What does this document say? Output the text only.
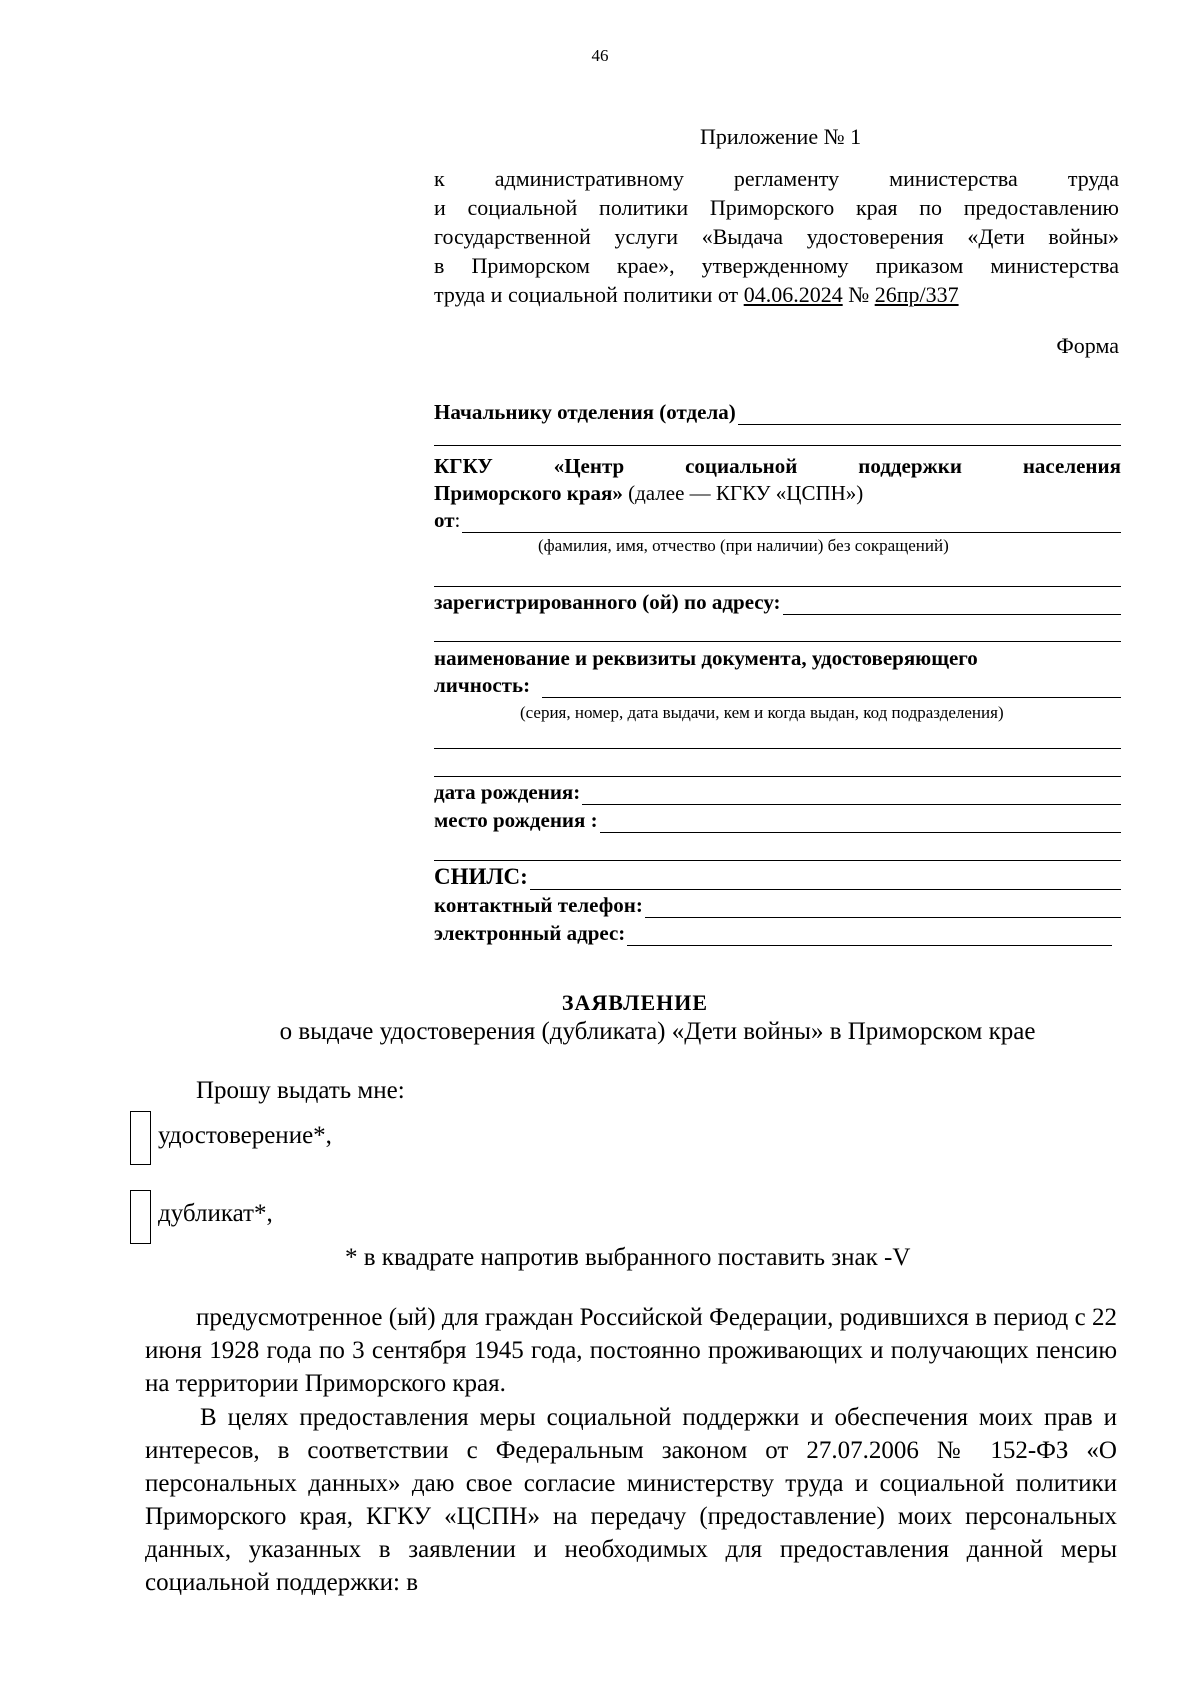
46
Приложение № 1
к административному регламенту министерства труда
и социальной политики Приморского края по предоставлению
государственной услуги «Выдача удостоверения «Дети войны»
в Приморском крае», утвержденному приказом министерства
труда и социальной политики от 04.06.2024 № 26пр/337
Форма
Начальнику отделения (отдела)
КГКУ «Центр социальной поддержки населения
Приморского края» (далее — КГКУ «ЦСПН»)
от :
(фамилия, имя, отчество (при наличии) без сокращений)
зарегистрированного (ой) по адресу:
наименование и реквизиты документа, удостоверяющего
личность:
(серия, номер, дата выдачи, кем и когда выдан, код подразделения)
дата рождения:
место рождения :
СНИЛС:
контактный телефон:
электронный адрес:
ЗАЯВЛЕНИЕ
о выдаче удостоверения (дубликата) «Дети войны» в Приморском крае
Прошу выдать мне:
удостоверение*,
дубликат*,
* в квадрате напротив выбранного поставить знак -V
предусмотренное (ый) для граждан Российской Федерации, родившихся в период с 22 июня 1928 года по 3 сентября 1945 года, постоянно проживающих и получающих пенсию на территории Приморского края.
В целях предоставления меры социальной поддержки и обеспечения моих прав и интересов, в соответствии с Федеральным законом от 27.07.2006 № 152-ФЗ «О персональных данных» даю свое согласие министерству труда и социальной политики Приморского края, КГКУ «ЦСПН» на передачу (предоставление) моих персональных данных, указанных в заявлении и необходимых для предоставления данной меры социальной поддержки: в
